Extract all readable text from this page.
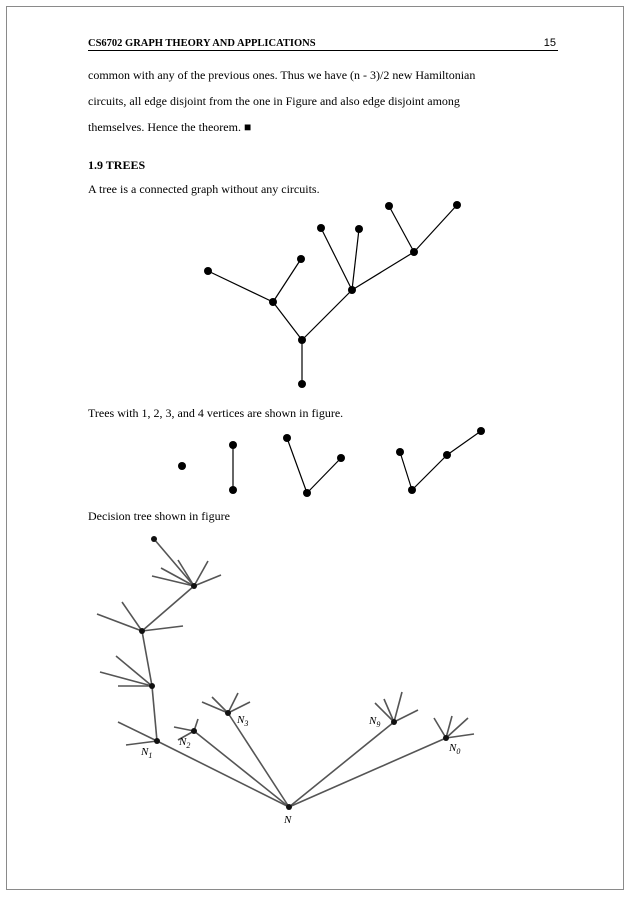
CS6702 GRAPH THEORY AND APPLICATIONS	15
common with any of the previous ones. Thus we have (n - 3)/2 new Hamiltonian
circuits, all edge disjoint from the one in Figure and also edge disjoint among
themselves. Hence the theorem. ■
1.9 TREES
A tree is a connected graph without any circuits.
Trees with 1, 2, 3, and 4 vertices are shown in figure.
Decision tree shown in figure
N
$N_1$
$N_2$
$N_3$	$N_9$
$N_0$
